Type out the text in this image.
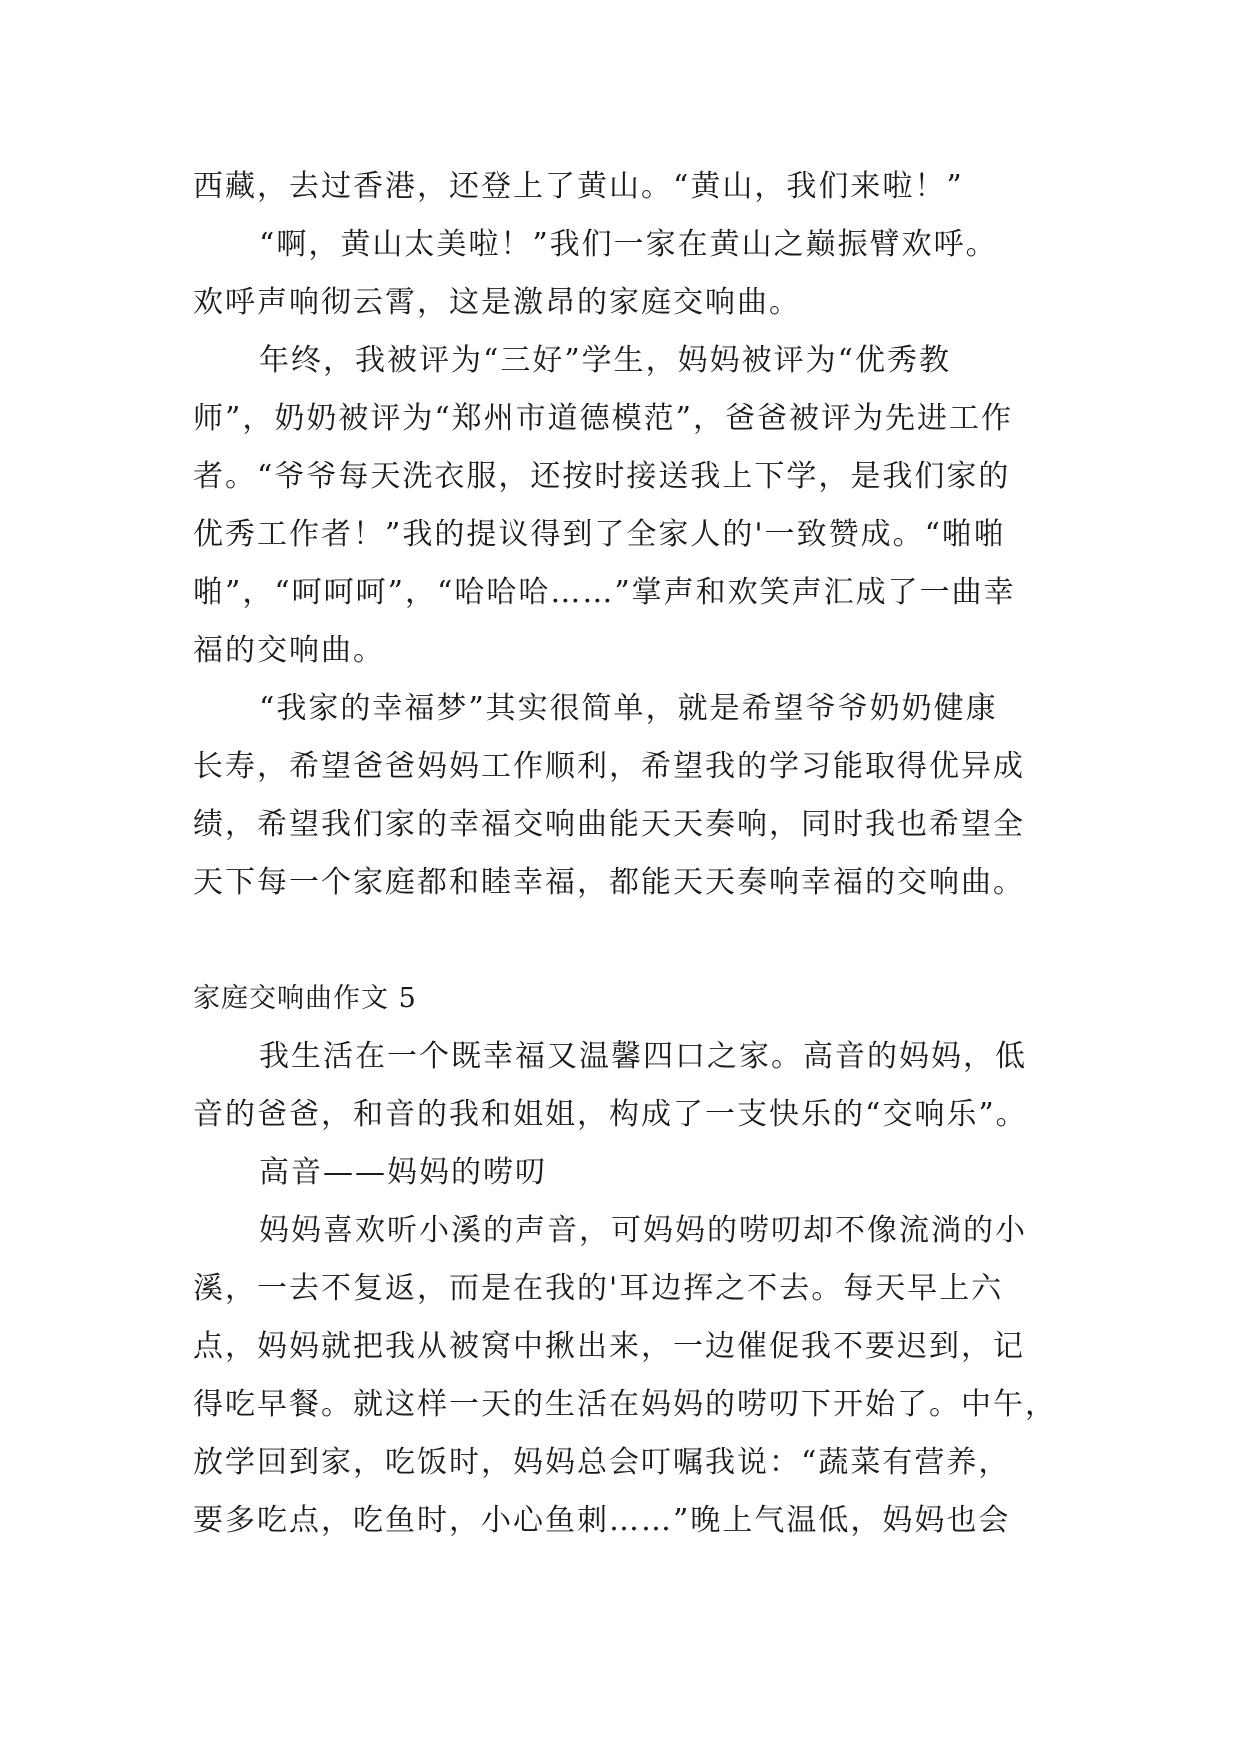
西藏，去过香港，还登上了黄山。“黄山，我们来啦！”
“啊，黄山太美啦！”我们一家在黄山之巅振臂欢呼。
欢呼声响彻云霄，这是激昂的家庭交响曲。
年终，我被评为“三好”学生，妈妈被评为“优秀教
师”，奶奶被评为“郑州市道德模范”，爸爸被评为先进工作
者。“爷爷每天洗衣服，还按时接送我上下学，是我们家的
优秀工作者！”我的提议得到了全家人的'一致赞成。“啪啪
啪”，“呵呵呵”，“哈哈哈……”掌声和欢笑声汇成了一曲幸
福的交响曲。
“我家的幸福梦”其实很简单，就是希望爷爷奶奶健康
长寿，希望爸爸妈妈工作顺利，希望我的学习能取得优异成
绩，希望我们家的幸福交响曲能天天奏响，同时我也希望全
天下每一个家庭都和睦幸福，都能天天奏响幸福的交响曲。
家庭交响曲作文 5
我生活在一个既幸福又温馨四口之家。高音的妈妈，低
音的爸爸，和音的我和姐姐，构成了一支快乐的“交响乐”。
高音——妈妈的唠叨
妈妈喜欢听小溪的声音，可妈妈的唠叨却不像流淌的小
溪，一去不复返，而是在我的'耳边挥之不去。每天早上六
点，妈妈就把我从被窝中揪出来，一边催促我不要迟到，记
得吃早餐。就这样一天的生活在妈妈的唠叨下开始了。中午，
放学回到家，吃饭时，妈妈总会叮嘱我说：“蔬菜有营养，
要多吃点，吃鱼时，小心鱼刺……”晚上气温低，妈妈也会
